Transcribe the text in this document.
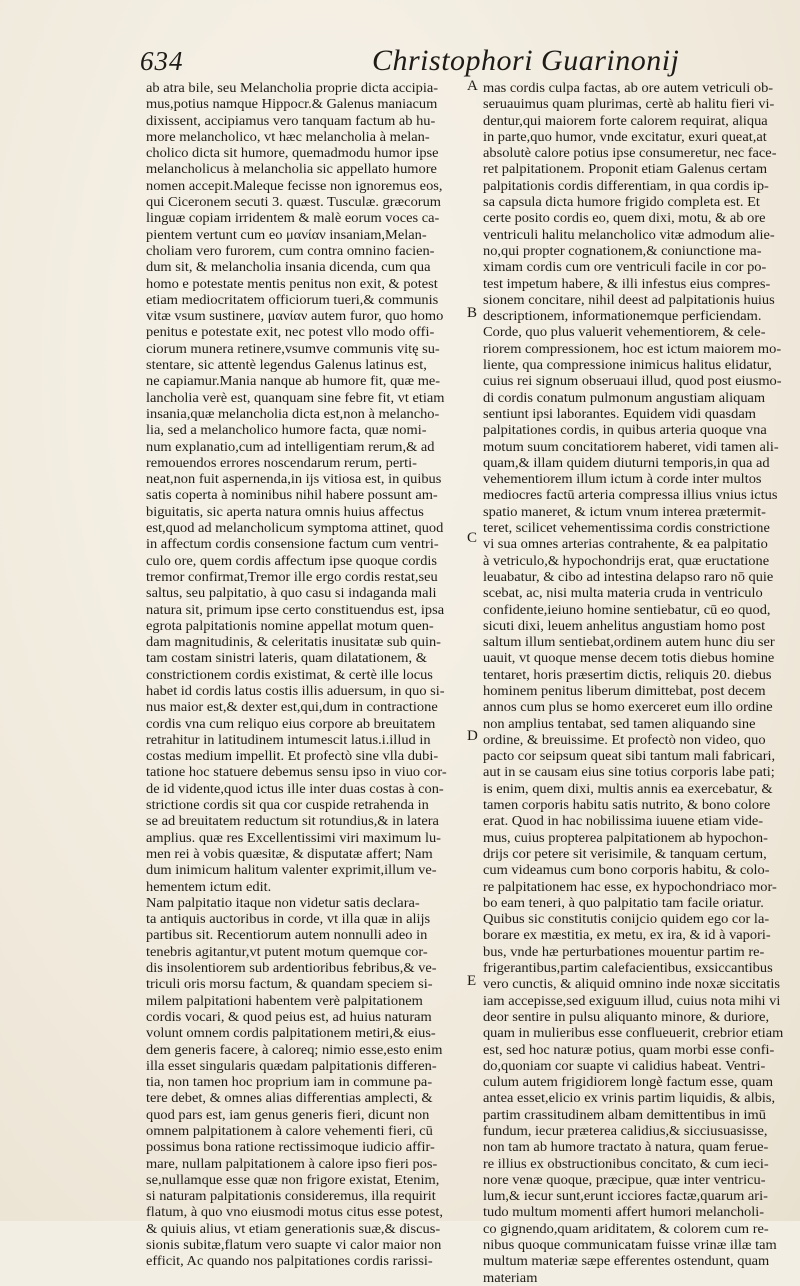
634	Christophori Guarinonij
ab atra bile, seu Melancholia proprie dicta accipia-
mus,potius namque Hippocr.& Galenus maniacum
dixissent, accipiamus vero tanquam factum ab hu-
more melancholico, vt hæc melancholia à melan-
cholico dicta sit humore, quemadmodu humor ipse
melancholicus à melancholia sic appellato humore
nomen accepit.Maleque fecisse non ignoremus eos,
qui Ciceronem secuti 3. quæst. Tusculæ. græcorum
linguæ copiam irridentem & malè eorum voces ca-
pientem vertunt cum eo μανίαν insaniam,Melan-
choliam vero furorem, cum contra omnino facien-
dum sit, & melancholia insania dicenda, cum qua
homo e potestate mentis penitus non exit, & potest
etiam mediocritatem officiorum tueri,& communis
vitæ vsum sustinere, μανίαν autem furor, quo homo
penitus e potestate exit, nec potest vllo modo offi-
ciorum munera retinere,vsumve communis vitę su-
stentare, sic attentè legendus Galenus latinus est,
ne capiamur.Mania nanque ab humore fit, quæ me-
lancholia verè est, quanquam sine febre fit, vt etiam
insania,quæ melancholia dicta est,non à melancho-
lia, sed a melancholico humore facta, quæ nomi-
num explanatio,cum ad intelligentiam rerum,& ad
remouendos errores noscendarum rerum, perti-
neat,non fuit aspernenda,in ijs vitiosa est, in quibus
satis coperta à nominibus nihil habere possunt am-
biguitatis, sic aperta natura omnis huius affectus
est,quod ad melancholicum symptoma attinet, quod
in affectum cordis consensione factum cum ventri-
culo ore, quem cordis affectum ipse quoque cordis
tremor confirmat,Tremor ille ergo cordis restat,seu
saltus, seu palpitatio, à quo casu si indaganda mali
natura sit, primum ipse certo constituendus est, ipsa
egrota palpitationis nomine appellat motum quen-
dam magnitudinis, & celeritatis inusitatæ sub quin-
tam costam sinistri lateris, quam dilatationem, &
constrictionem cordis existimat, & certè ille locus
habet id cordis latus costis illis aduersum, in quo si-
nus maior est,& dexter est,qui,dum in contractione
cordis vna cum reliquo eius corpore ab breuitatem
retrahitur in latitudinem intumescit latus.i.illud in
costas medium impellit. Et profectò sine vlla dubi-
tatione hoc statuere debemus sensu ipso in viuo cor-
de id vidente,quod ictus ille inter duas costas à con-
strictione cordis sit qua cor cuspide retrahenda in
se ad breuitatem reductum sit rotundius,& in latera
amplius. quæ res Excellentissimi viri maximum lu-
men rei à vobis quæsitæ, & disputatæ affert; Nam
dum inimicum halitum valenter exprimit,illum ve-
hementem ictum edit.
Nam palpitatio itaque non videtur satis declara-
ta antiquis auctoribus in corde, vt illa quæ in alijs
partibus sit. Recentiorum autem nonnulli adeo in
tenebris agitantur,vt putent motum quemque cor-
dis insolentiorem sub ardentioribus febribus,& ve-
triculi oris morsu factum, & quandam speciem si-
milem palpitationi habentem verè palpitationem
cordis vocari, & quod peius est, ad huius naturam
volunt omnem cordis palpitationem metiri,& eius-
dem generis facere, à caloreq; nimio esse,esto enim
illa esset singularis quædam palpitationis differen-
tia, non tamen hoc proprium iam in commune pa-
tere debet, & omnes alias differentias amplecti, &
quod pars est, iam genus generis fieri, dicunt non
omnem palpitationem à calore vehementi fieri, cū
possimus bona ratione rectissimoque iudicio affir-
mare, nullam palpitationem à calore ipso fieri pos-
se,nullamque esse quæ non frigore existat, Etenim,
si naturam palpitationis consideremus, illa requirit
flatum, à quo vno eiusmodi motus citus esse potest,
& quiuis alius, vt etiam generationis suæ,& discus-
sionis subitæ,flatum vero suapte vi calor maior non
efficit, Ac quando nos palpitationes cordis rarissi-
A
B
C
D
E
mas cordis culpa factas, ab ore autem vetriculi ob-
seruauimus quam plurimas, certè ab halitu fieri vi-
dentur,qui maiorem forte calorem requirat, aliqua
in parte,quo humor, vnde excitatur, exuri queat,at
absolutè calore potius ipse consumeretur, nec face-
ret palpitationem. Proponit etiam Galenus certam
palpitationis cordis differentiam, in qua cordis ip-
sa capsula dicta humore frigido completa est. Et
certe posito cordis eo, quem dixi, motu, & ab ore
ventriculi halitu melancholico vitæ admodum alie-
no,qui propter cognationem,& coniunctione ma-
ximam cordis cum ore ventriculi facile in cor po-
test impetum habere, & illi infestus eius compres-
sionem concitare, nihil deest ad palpitationis huius
descriptionem, informationemque perficiendam.
Corde, quo plus valuerit vehementiorem, & cele-
riorem compressionem, hoc est ictum maiorem mo-
liente, qua compressione inimicus halitus elidatur,
cuius rei signum obseruaui illud, quod post eiusmo-
di cordis conatum pulmonum angustiam aliquam
sentiunt ipsi laborantes. Equidem vidi quasdam
palpitationes cordis, in quibus arteria quoque vna
motum suum concitatiorem haberet, vidi tamen ali-
quam,& illam quidem diuturni temporis,in qua ad
vehementiorem illum ictum à corde inter multos
mediocres factū arteria compressa illius vnius ictus
spatio maneret, & ictum vnum interea prætermit-
teret, scilicet vehementissima cordis constrictione
vi sua omnes arterias contrahente, & ea palpitatio
à vetriculo,& hypochondrijs erat, quæ eructatione
leuabatur, & cibo ad intestina delapso raro nō quie
scebat, ac, nisi multa materia cruda in ventriculo
confidente,ieiuno homine sentiebatur, cū eo quod,
sicuti dixi, leuem anhelitus angustiam homo post
saltum illum sentiebat,ordinem autem hunc diu ser
uauit, vt quoque mense decem totis diebus homine
tentaret, horis præsertim dictis, reliquis 20. diebus
hominem penitus liberum dimittebat, post decem
annos cum plus se homo exerceret eum illo ordine
non amplius tentabat, sed tamen aliquando sine
ordine, & breuissime. Et profectò non video, quo
pacto cor seipsum queat sibi tantum mali fabricari,
aut in se causam eius sine totius corporis labe pati;
is enim, quem dixi, multis annis ea exercebatur, &
tamen corporis habitu satis nutrito, & bono colore
erat. Quod in hac nobilissima iuuene etiam vide-
mus, cuius propterea palpitationem ab hypochon-
drijs cor petere sit verisimile, & tanquam certum,
cum videamus cum bono corporis habitu, & colo-
re palpitationem hac esse, ex hypochondriaco mor-
bo eam teneri, à quo palpitatio tam facile oriatur.
Quibus sic constitutis conijcio quidem ego cor la-
borare ex mæstitia, ex metu, ex ira, & id à vapori-
bus, vnde hæ perturbationes mouentur partim re-
frigerantibus,partim calefacientibus, exsiccantibus
vero cunctis, & aliquid omnino inde noxæ siccitatis
iam accepisse,sed exiguum illud, cuius nota mihi vi
deor sentire in pulsu aliquanto minore, & duriore,
quam in mulieribus esse conflueuerit, crebrior etiam
est, sed hoc naturæ potius, quam morbi esse confi-
do,quoniam cor suapte vi calidius habeat. Ventri-
culum autem frigidiorem longè factum esse, quam
antea esset,elicio ex vrinis partim liquidis, & albis,
partim crassitudinem albam demittentibus in imū
fundum, iecur præterea calidius,& sicciusuasisse,
non tam ab humore tractato à natura, quam ferue-
re illius ex obstructionibus concitato, & cum ieci-
nore venæ quoque, præcipue, quæ inter ventricu-
lum,& iecur sunt,erunt icciores factæ,quarum ari-
tudo multum momenti affert humori melancholi-
co gignendo,quam ariditatem, & colorem cum re-
nibus quoque communicatam fuisse vrinæ illæ tam
multum materiæ sæpe efferentes ostendunt, quam
materiam
